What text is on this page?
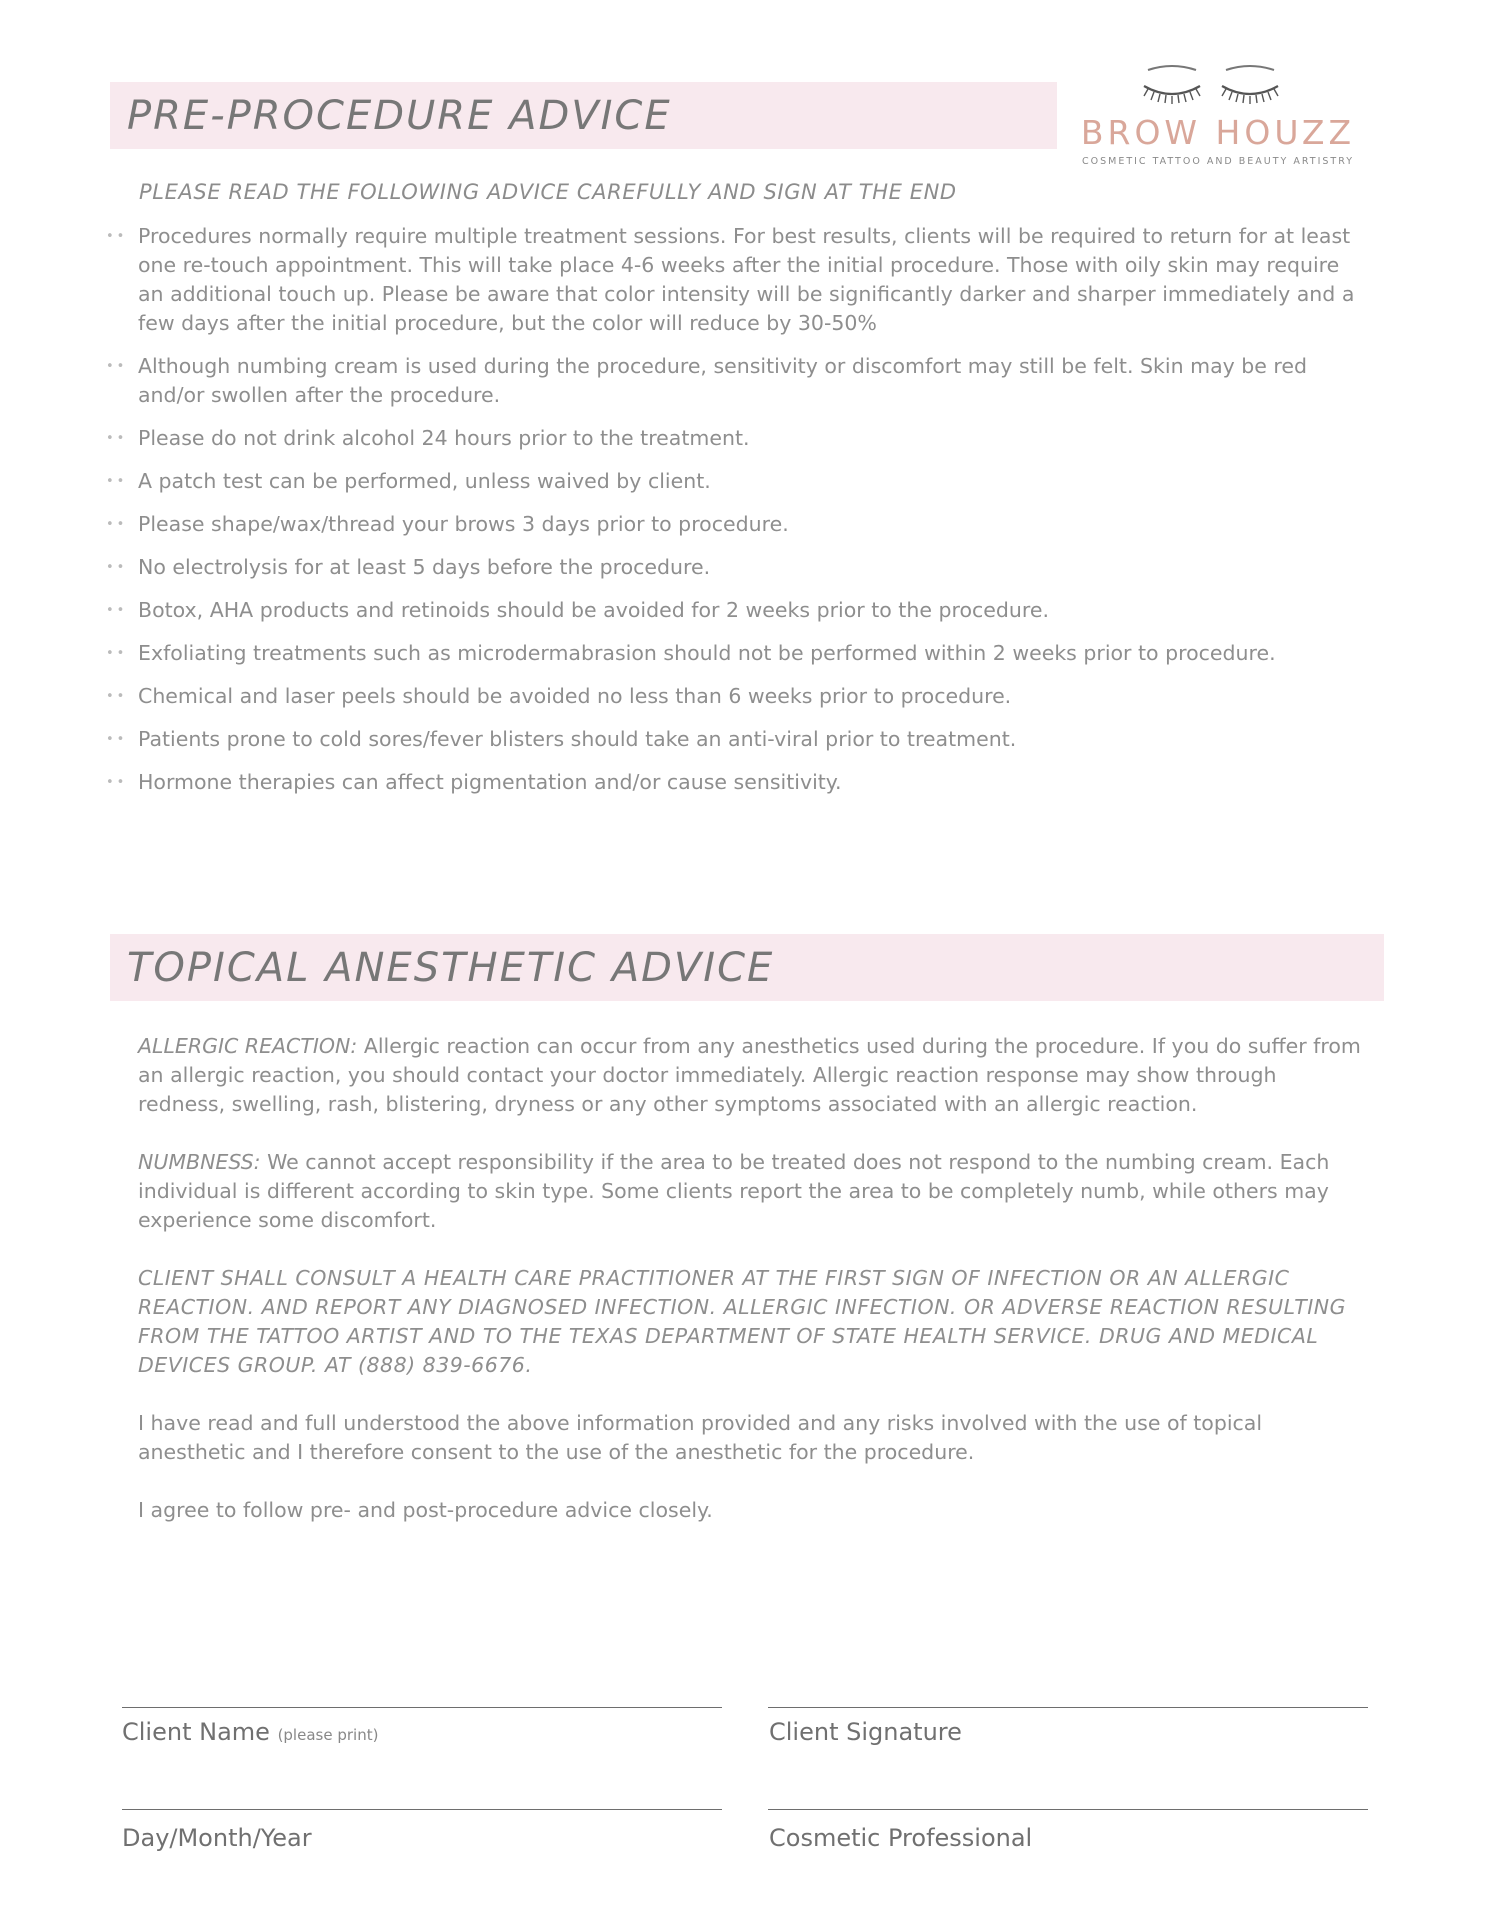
PRE-PROCEDURE ADVICE	BROW HOUZZ
COSMETIC TATTOO AND BEAUTY ARTISTRY
PLEASE READ THE FOLLOWING ADVICE CAREFULLY AND SIGN AT THE END
•• Procedures normally require multiple treatment sessions. For best results, clients will be required to return for at least one re-touch appointment. This will take place 4-6 weeks after the initial procedure. Those with oily skin may require an additional touch up. Please be aware that color intensity will be significantly darker and sharper immediately and a few days after the initial procedure, but the color will reduce by 30-50%
•• Although numbing cream is used during the procedure, sensitivity or discomfort may still be felt. Skin may be red and/or swollen after the procedure.
•• Please do not drink alcohol 24 hours prior to the treatment.
•• A patch test can be performed, unless waived by client.
•• Please shape/wax/thread your brows 3 days prior to procedure.
•• No electrolysis for at least 5 days before the procedure.
•• Botox, AHA products and retinoids should be avoided for 2 weeks prior to the procedure.
•• Exfoliating treatments such as microdermabrasion should not be performed within 2 weeks prior to procedure.
•• Chemical and laser peels should be avoided no less than 6 weeks prior to procedure.
•• Patients prone to cold sores/fever blisters should take an anti-viral prior to treatment.
•• Hormone therapies can affect pigmentation and/or cause sensitivity.
TOPICAL ANESTHETIC ADVICE

ALLERGIC REACTION: Allergic reaction can occur from any anesthetics used during the procedure. If you do suffer from an allergic reaction, you should contact your doctor immediately. Allergic reaction response may show through redness, swelling, rash, blistering, dryness or any other symptoms associated with an allergic reaction.

NUMBNESS: We cannot accept responsibility if the area to be treated does not respond to the numbing cream. Each individual is different according to skin type. Some clients report the area to be completely numb, while others may experience some discomfort.

CLIENT SHALL CONSULT A HEALTH CARE PRACTITIONER AT THE FIRST SIGN OF INFECTION OR AN ALLERGIC REACTION. AND REPORT ANY DIAGNOSED INFECTION. ALLERGIC INFECTION. OR ADVERSE REACTION RESULTING FROM THE TATTOO ARTIST AND TO THE TEXAS DEPARTMENT OF STATE HEALTH SERVICE. DRUG AND MEDICAL DEVICES GROUP. AT (888) 839-6676.

I have read and full understood the above information provided and any risks involved with the use of topical anesthetic and I therefore consent to the use of the anesthetic for the procedure.

I agree to follow pre- and post-procedure advice closely.

Client Name (please print)	Client Signature
Day/Month/Year	Cosmetic Professional
